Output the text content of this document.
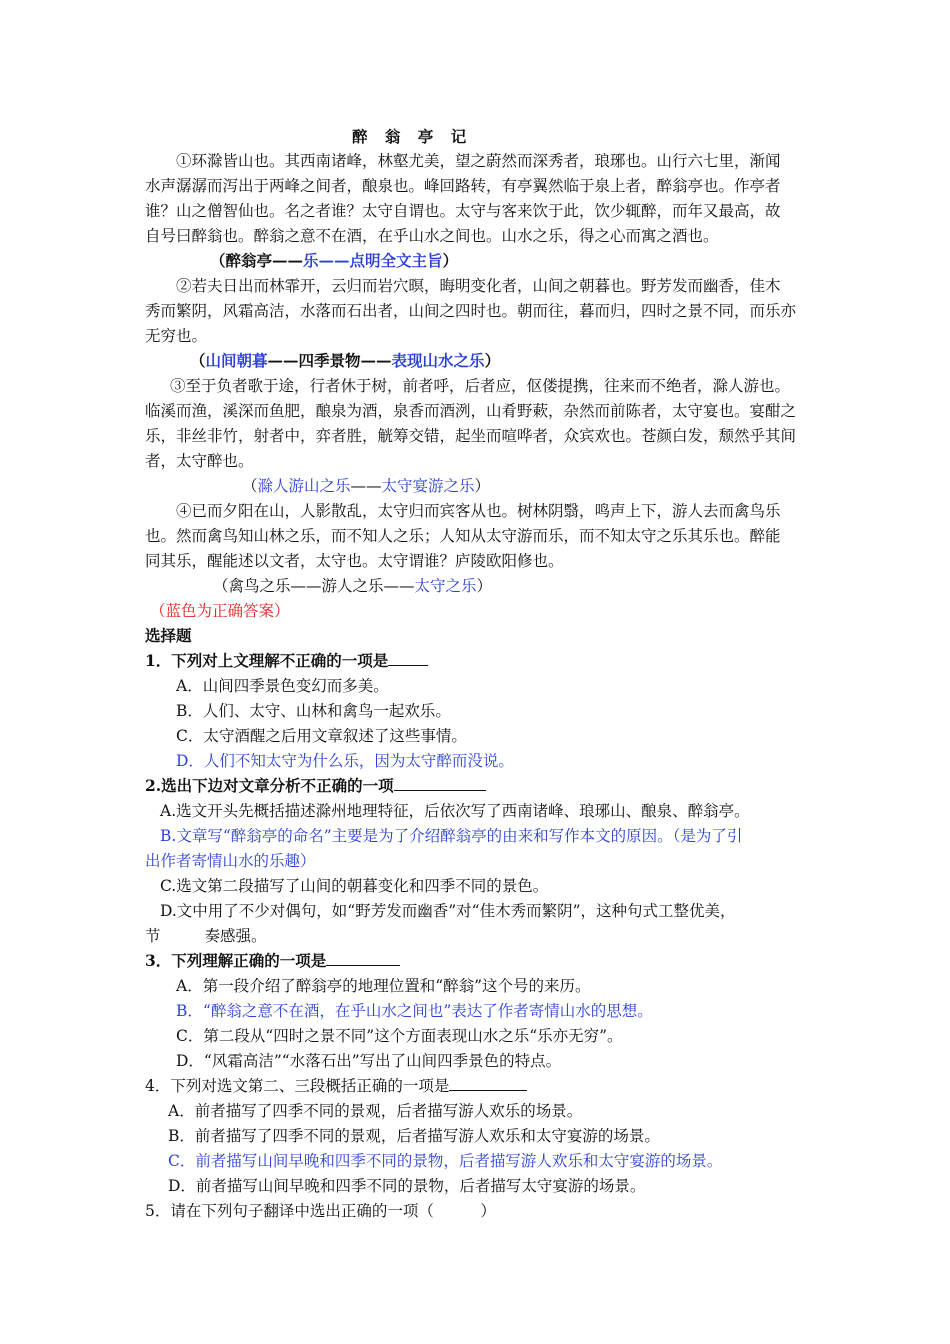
醉 翁 亭 记
①环滁皆山也。其西南诸峰，林壑尤美，望之蔚然而深秀者，琅琊也。山行六七里，渐闻
水声潺潺而泻出于两峰之间者，酿泉也。峰回路转，有亭翼然临于泉上者，醉翁亭也。作亭者
谁？山之僧智仙也。名之者谁？太守自谓也。太守与客来饮于此，饮少辄醉，而年又最高，故
自号曰醉翁也。醉翁之意不在酒，在乎山水之间也。山水之乐，得之心而寓之酒也。
（醉翁亭——乐——点明全文主旨）
②若夫日出而林霏开，云归而岩穴暝，晦明变化者，山间之朝暮也。野芳发而幽香，佳木
秀而繁阴，风霜高洁，水落而石出者，山间之四时也。朝而往，暮而归，四时之景不同，而乐亦
无穷也。
（山间朝暮——四季景物——表现山水之乐）
③至于负者歌于途，行者休于树，前者呼，后者应，伛偻提携，往来而不绝者，滁人游也。
临溪而渔，溪深而鱼肥，酿泉为酒，泉香而酒洌，山肴野蔌，杂然而前陈者，太守宴也。宴酣之
乐，非丝非竹，射者中，弈者胜，觥筹交错，起坐而喧哗者，众宾欢也。苍颜白发，颓然乎其间
者，太守醉也。
（滁人游山之乐——太守宴游之乐）
④已而夕阳在山，人影散乱，太守归而宾客从也。树林阴翳，鸣声上下，游人去而禽鸟乐
也。然而禽鸟知山林之乐，而不知人之乐；人知从太守游而乐，而不知太守之乐其乐也。醉能
同其乐，醒能述以文者，太守也。太守谓谁？庐陵欧阳修也。
（禽鸟之乐——游人之乐——太守之乐）
（蓝色为正确答案）
选择题
1．下列对上文理解不正确的一项是
A．山间四季景色变幻而多美。
B．人们、太守、山林和禽鸟一起欢乐。
C．太守酒醒之后用文章叙述了这些事情。
D．人们不知太守为什么乐，因为太守醉而没说。
2.选出下边对文章分析不正确的一项
A.选文开头先概括描述滁州地理特征，后依次写了西南诸峰、琅琊山、酿泉、醉翁亭。
B.文章写“醉翁亭的命名”主要是为了介绍醉翁亭的由来和写作本文的原因。（是为了引
出作者寄情山水的乐趣）
C.选文第二段描写了山间的朝暮变化和四季不同的景色。
D.文中用了不少对偶句，如“野芳发而幽香”对“佳木秀而繁阴”，这种句式工整优美，
节	奏感强。
3．下列理解正确的一项是
A．第一段介绍了醉翁亭的地理位置和“醉翁”这个号的来历。
B．“醉翁之意不在酒，在乎山水之间也”表达了作者寄情山水的思想。
C．第二段从“四时之景不同”这个方面表现山水之乐“乐亦无穷”。
D．“风霜高洁”“水落石出”写出了山间四季景色的特点。
4．下列对选文第二、三段概括正确的一项是
A．前者描写了四季不同的景观，后者描写游人欢乐的场景。
B．前者描写了四季不同的景观，后者描写游人欢乐和太守宴游的场景。
C．前者描写山间早晚和四季不同的景物，后者描写游人欢乐和太守宴游的场景。
D．前者描写山间早晚和四季不同的景物，后者描写太守宴游的场景。
5．请在下列句子翻译中选出正确的一项（　　　）
